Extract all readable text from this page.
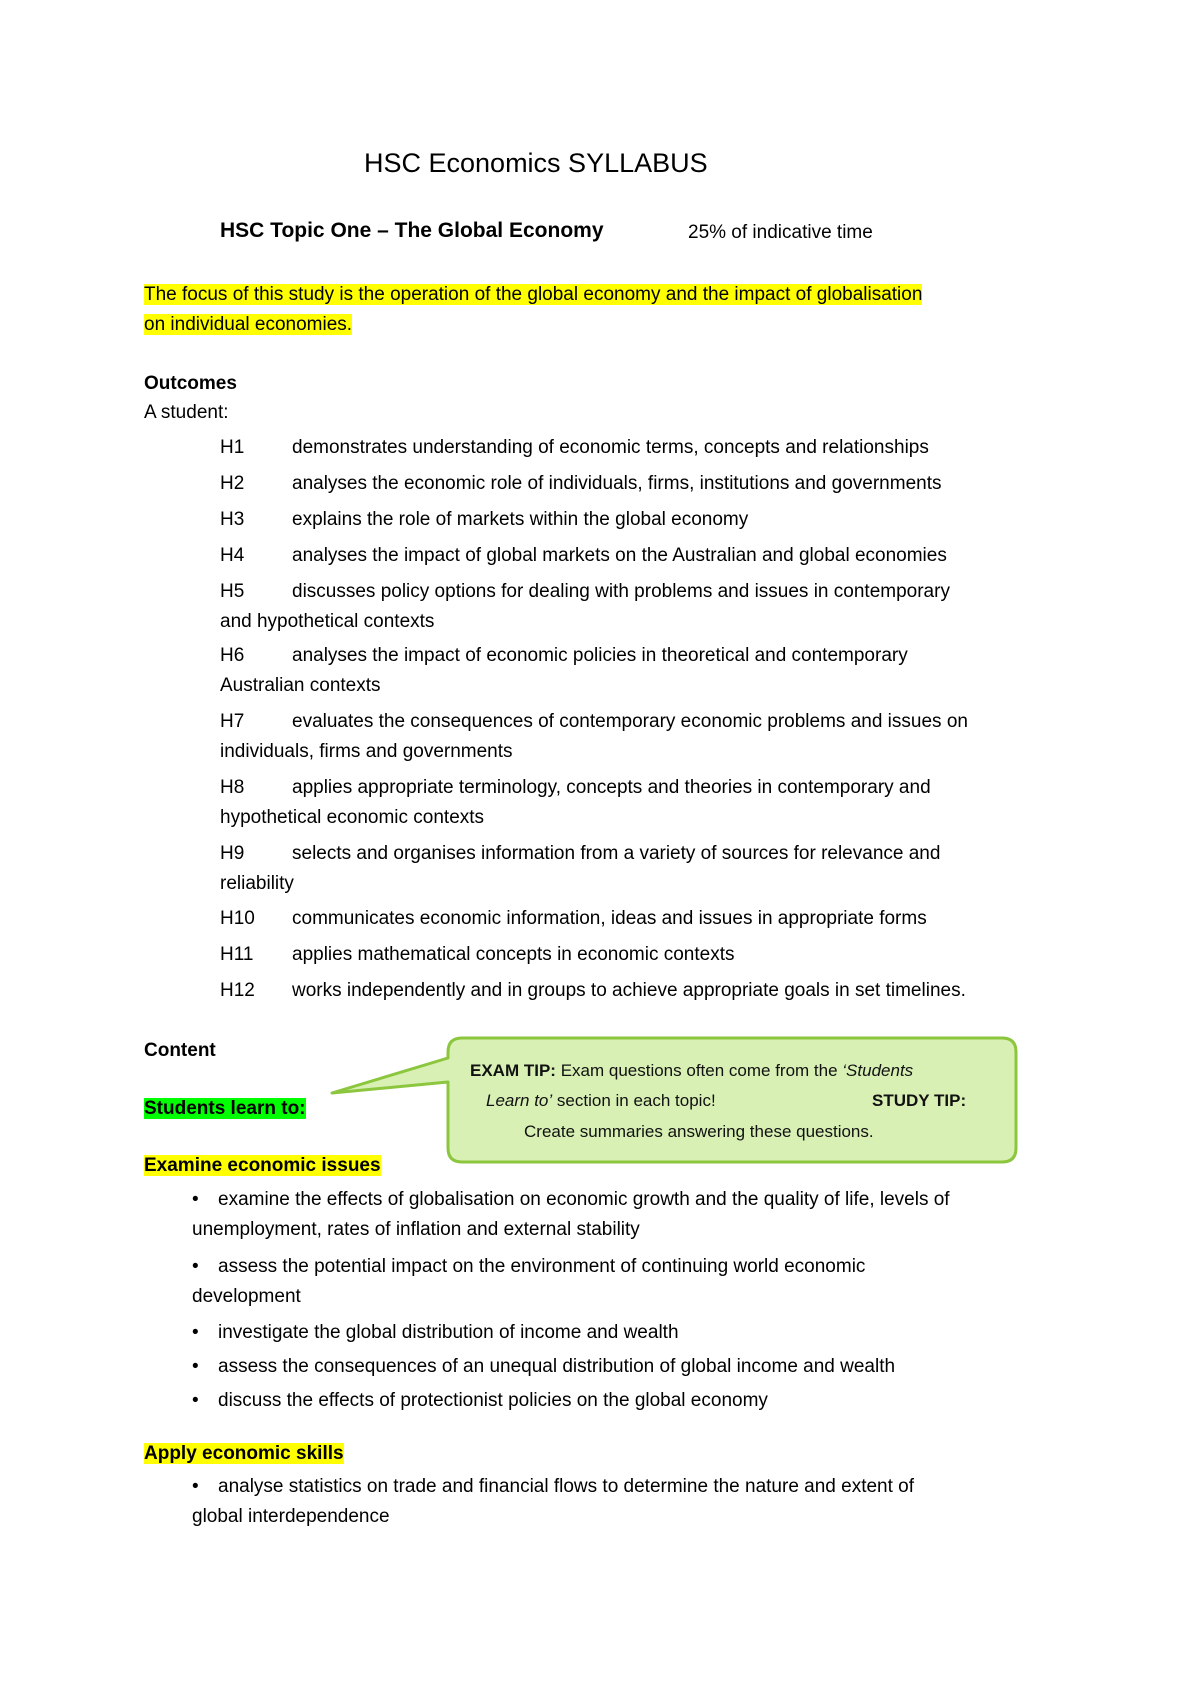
HSC Economics SYLLABUS
HSC Topic One – The Global Economy	25% of indicative time
The focus of this study is the operation of the global economy and the impact of globalisation
on individual economies.
Outcomes
A student:
H1	demonstrates understanding of economic terms, concepts and relationships
H2	analyses the economic role of individuals, firms, institutions and governments
H3	explains the role of markets within the global economy
H4	analyses the impact of global markets on the Australian and global economies
H5	discusses policy options for dealing with problems and issues in contemporary
and hypothetical contexts
H6	analyses the impact of economic policies in theoretical and contemporary
Australian contexts
H7	evaluates the consequences of contemporary economic problems and issues on
individuals, firms and governments
H8	applies appropriate terminology, concepts and theories in contemporary and
hypothetical economic contexts
H9	selects and organises information from a variety of sources for relevance and
reliability
H10 communicates economic information, ideas and issues in appropriate forms
H11 applies mathematical concepts in economic contexts
H12 works independently and in groups to achieve appropriate goals in set timelines.
Content
Students learn to:
EXAM TIP: Exam questions often come from the ‘Students
Learn to’ section in each topic!	STUDY TIP:
Create summaries answering these questions.
Examine economic issues
• examine the effects of globalisation on economic growth and the quality of life, levels of
unemployment, rates of inflation and external stability
• assess the potential impact on the environment of continuing world economic
development
• investigate the global distribution of income and wealth
• assess the consequences of an unequal distribution of global income and wealth
• discuss the effects of protectionist policies on the global economy
Apply economic skills
• analyse statistics on trade and financial flows to determine the nature and extent of
global interdependence
